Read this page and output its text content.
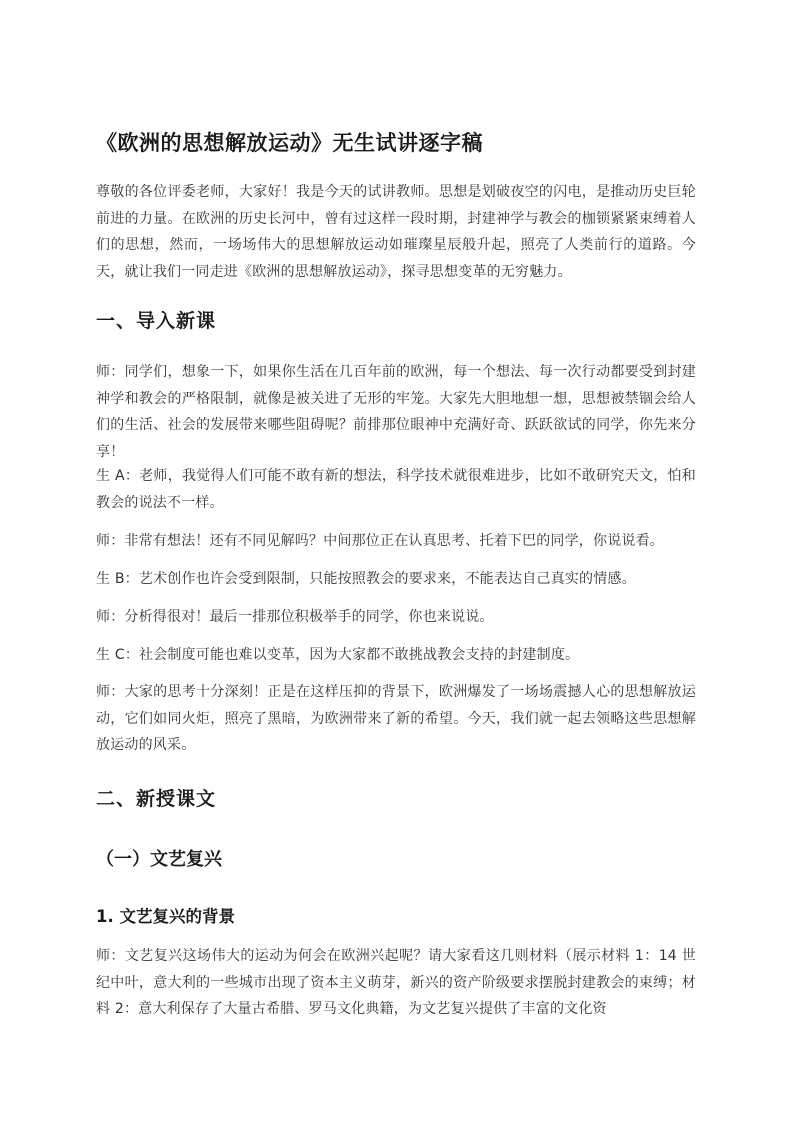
《欧洲的思想解放运动》无生试讲逐字稿

尊敬的各位评委老师，大家好！我是今天的试讲教师。思想是划破夜空的闪电，是推动历史巨轮前进的力量。在欧洲的历史长河中，曾有过这样一段时期，封建神学与教会的枷锁紧紧束缚着人们的思想，然而，一场场伟大的思想解放运动如璀璨星辰般升起，照亮了人类前行的道路。今天，就让我们一同走进《欧洲的思想解放运动》，探寻思想变革的无穷魅力。

一、导入新课

师：同学们，想象一下，如果你生活在几百年前的欧洲，每一个想法、每一次行动都要受到封建神学和教会的严格限制，就像是被关进了无形的牢笼。大家先大胆地想一想，思想被禁锢会给人们的生活、社会的发展带来哪些阻碍呢？前排那位眼神中充满好奇、跃跃欲试的同学，你先来分享！

生 A：老师，我觉得人们可能不敢有新的想法，科学技术就很难进步，比如不敢研究天文，怕和教会的说法不一样。

师：非常有想法！还有不同见解吗？中间那位正在认真思考、托着下巴的同学，你说说看。

生 B：艺术创作也许会受到限制，只能按照教会的要求来，不能表达自己真实的情感。

师：分析得很对！最后一排那位积极举手的同学，你也来说说。

生 C：社会制度可能也难以变革，因为大家都不敢挑战教会支持的封建制度。

师：大家的思考十分深刻！正是在这样压抑的背景下，欧洲爆发了一场场震撼人心的思想解放运动，它们如同火炬，照亮了黑暗，为欧洲带来了新的希望。今天，我们就一起去领略这些思想解放运动的风采。

二、新授课文
（一）文艺复兴
1. 文艺复兴的背景

师：文艺复兴这场伟大的运动为何会在欧洲兴起呢？请大家看这几则材料（展示材料 1：14 世纪中叶，意大利的一些城市出现了资本主义萌芽，新兴的资产阶级要求摆脱封建教会的束缚；材料 2：意大利保存了大量古希腊、罗马文化典籍，为文艺复兴提供了丰富的文化资
